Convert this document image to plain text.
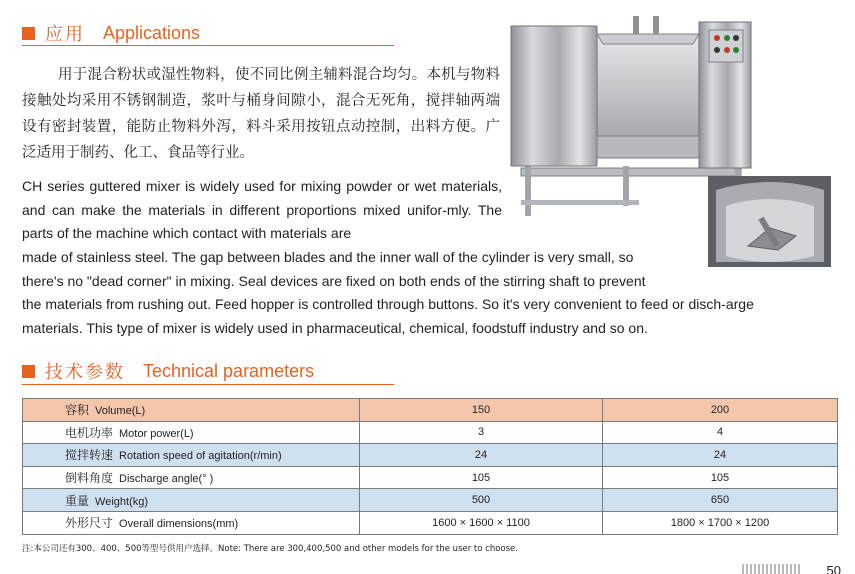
应用 Applications

用于混合粉状或湿性物料，使不同比例主辅料混合均匀。本机与物料接触处均采用不锈钢制造，浆叶与桶身间隙小，混合无死角，搅拌轴两端设有密封装置，能防止物料外泻，料斗采用按钮点动控制，出料方便。广泛适用于制药、化工、食品等行业。

CH series guttered mixer is widely used for mixing powder or wet materials, and can make the materials in different proportions mixed unifor-mly. The parts of the machine which contact with materials are

made of stainless steel. The gap between blades and the inner wall of the cylinder is very small, so
there's no "dead corner" in mixing. Seal devices are fixed on both ends of the stirring shaft to prevent
the materials from rushing out. Feed hopper is controlled through buttons. So it's very convenient to feed or disch-arge
materials. This type of mixer is widely used in pharmaceutical, chemical, foodstuff industry and so on.
技术参数 Technical parameters
容积 Volume(L)	150	200
电机功率 Motor power(L)	3	4
搅拌转速 Rotation speed of agitation(r/min)	24	24
倒料角度 Discharge angle(° )	105	105
重量 Weight(kg)	500	650
外形尺寸 Overall dimensions(mm)	1600 × 1600 × 1100	1800 × 1700 × 1200
注:本公司还有300、400、500等型号供用户选择。Note: There are 300,400,500 and other models for the user to choose.
50
